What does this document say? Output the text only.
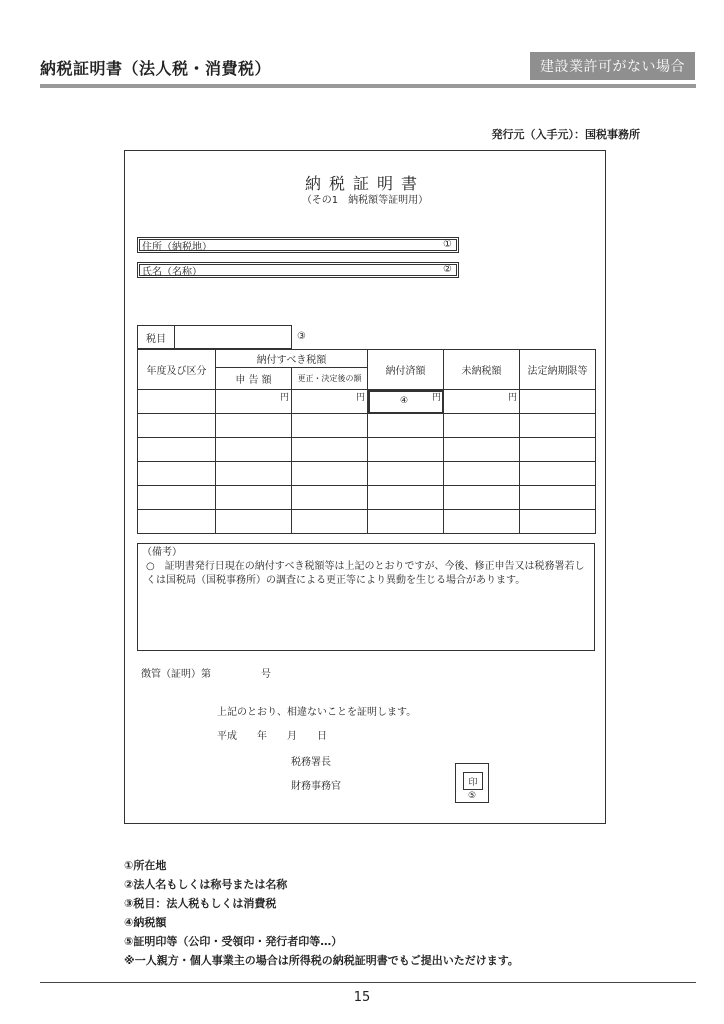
納税証明書（法人税・消費税）	建設業許可がない場合
発行元（入手元）：国税事務所
納税証明書
（その1　納税額等証明用）
住所（納税地）	①
氏名（名称）	②
税目	③
年度及び区分	納付すべき税額		納付済額	未納税額	法定納期限等
	申 告 額	更正・決定後の額			
	円	円	④ 円	円	

（備考）
○　証明書発行日現在の納付すべき税額等は上記のとおりですが、今後、修正申告又は税務署若しくは国税局（国税事務所）の調査による更正等により異動を生じる場合があります。
徴管（証明）第	号
上記のとおり、相違ないことを証明します。
平成　　年　　月　　日
税務署長
財務事務官	印
⑤
①所在地
②法人名もしくは称号または名称
③税目：法人税もしくは消費税
④納税額
⑤証明印等（公印・受領印・発行者印等…）
※一人親方・個人事業主の場合は所得税の納税証明書でもご提出いただけます。
15
